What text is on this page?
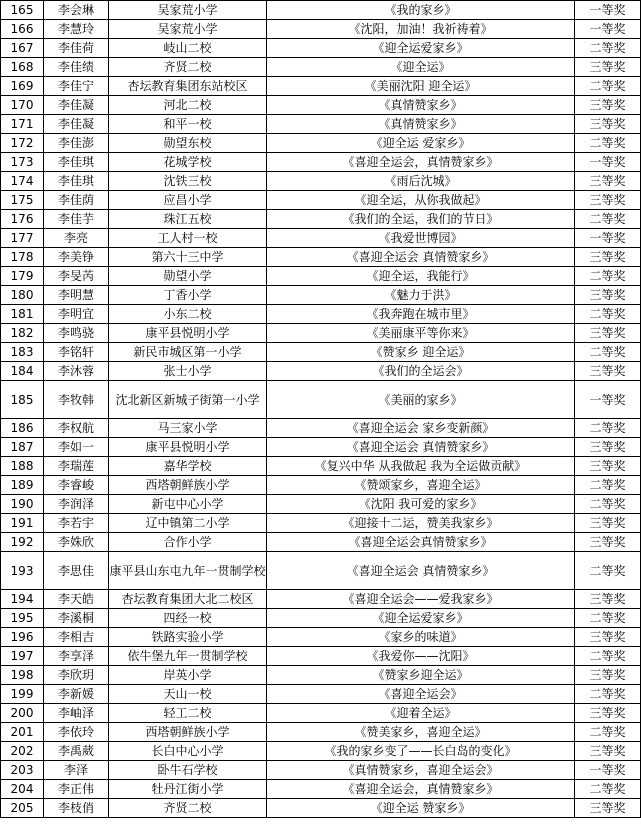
165	李会琳	吴家荒小学	《我的家乡》	一等奖
166	李慧玲	吴家荒小学	《沈阳，加油！我祈祷着》	一等奖
167	李佳荷	岐山二校	《迎全运爱家乡》	二等奖
168	李佳绩	齐贤二校	《迎全运》	三等奖
169	李佳宁	杏坛教育集团东站校区	《美丽沈阳 迎全运》	二等奖
170	李佳凝	河北二校	《真情赞家乡》	三等奖
171	李佳凝	和平一校	《真情赞家乡》	三等奖
172	李佳澎	勋望东校	《迎全运 爱家乡》	二等奖
173	李佳琪	花城学校	《喜迎全运会，真情赞家乡》	一等奖
174	李佳琪	沈铁三校	《雨后沈城》	三等奖
175	李佳荫	应昌小学	《迎全运，从你我做起》	三等奖
176	李佳芋	珠江五校	《我们的全运，我们的节日》	二等奖
177	李亮	工人村一校	《我爱世博园》	一等奖
178	李美铮	第六十三中学	《喜迎全运会 真情赞家乡》	三等奖
179	李旻芮	勋望小学	《迎全运，我能行》	二等奖
180	李明慧	丁香小学	《魅力于洪》	三等奖
181	李明宜	小东二校	《我奔跑在城市里》	二等奖
182	李鸣骁	康平县悦明小学	《美丽康平等你来》	三等奖
183	李铭轩	新民市城区第一小学	《赞家乡 迎全运》	二等奖
184	李沐蓉	张士小学	《我们的全运会》	三等奖
185	李牧韩	沈北新区新城子街第一小学	《美丽的家乡》	一等奖
186	李权航	马三家小学	《喜迎全运会 家乡变新颜》	二等奖
187	李如一	康平县悦明小学	《喜迎全运会 真情赞家乡》	三等奖
188	李瑞莲	嘉华学校	《复兴中华 从我做起 我为全运做贡献》	三等奖
189	李睿峻	西塔朝鲜族小学	《赞颂家乡，喜迎全运》	二等奖
190	李润泽	新屯中心小学	《沈阳 我可爱的家乡》	二等奖
191	李若宇	辽中镇第二小学	《迎接十二运，赞美我家乡》	三等奖
192	李姝欣	合作小学	《喜迎全运会真情赞家乡》	三等奖
193	李思佳	康平县山东屯九年一贯制学校	《喜迎全运会 真情赞家乡》	二等奖
194	李天皓	杏坛教育集团大北二校区	《喜迎全运会——爱我家乡》	三等奖
195	李溪桐	四经一校	《迎全运爱家乡》	二等奖
196	李相吉	铁路实验小学	《家乡的味道》	三等奖
197	李享泽	依牛堡九年一贯制学校	《我爱你——沈阳》	二等奖
198	李欣玥	岸英小学	《赞家乡迎全运》	三等奖
199	李新媛	天山一校	《喜迎全运会》	二等奖
200	李岫泽	轻工二校	《迎着全运》	三等奖
201	李依玲	西塔朝鲜族小学	《赞美家乡，喜迎全运》	二等奖
202	李禹葳	长白中心小学	《我的家乡变了——长白岛的变化》	三等奖
203	李泽	卧牛石学校	《真情赞家乡，喜迎全运会》	一等奖
204	李正伟	牡丹江街小学	《喜迎全运会，真情赞家乡》	二等奖
205	李枝俏	齐贤二校	《迎全运 赞家乡》	三等奖
